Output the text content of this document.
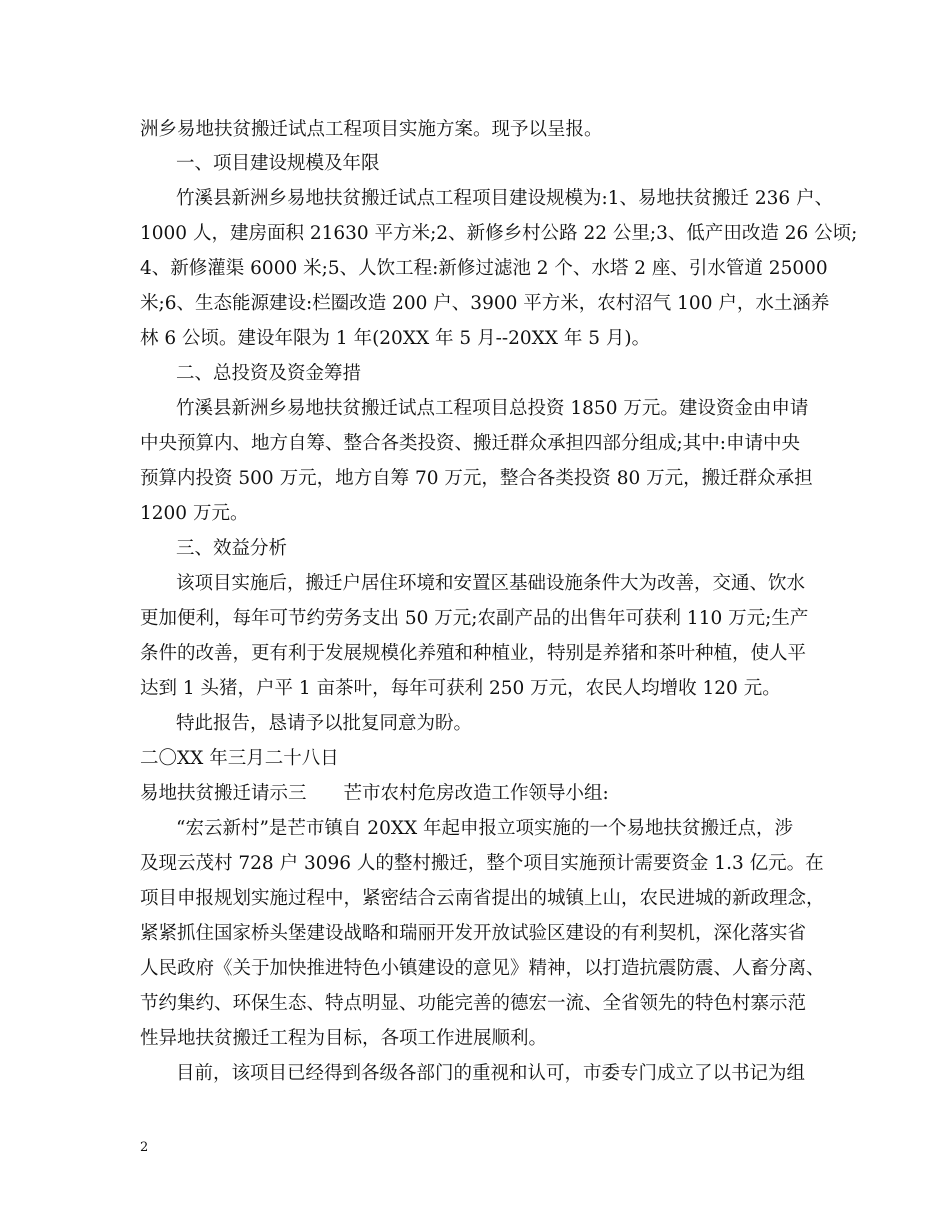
洲乡易地扶贫搬迁试点工程项目实施方案。现予以呈报。
一、项目建设规模及年限
竹溪县新洲乡易地扶贫搬迁试点工程项目建设规模为:1、易地扶贫搬迁 236 户、
1000 人，建房面积 21630 平方米;2、新修乡村公路 22 公里;3、低产田改造 26 公顷;
4、新修灌渠 6000 米;5、人饮工程:新修过滤池 2 个、水塔 2 座、引水管道 25000
米;6、生态能源建设:栏圈改造 200 户、3900 平方米，农村沼气 100 户，水土涵养
林 6 公顷。建设年限为 1 年(20XX 年 5 月--20XX 年 5 月)。
二、总投资及资金筹措
竹溪县新洲乡易地扶贫搬迁试点工程项目总投资 1850 万元。建设资金由申请
中央预算内、地方自筹、整合各类投资、搬迁群众承担四部分组成;其中:申请中央
预算内投资 500 万元，地方自筹 70 万元，整合各类投资 80 万元，搬迁群众承担
1200 万元。
三、效益分析
该项目实施后，搬迁户居住环境和安置区基础设施条件大为改善，交通、饮水
更加便利，每年可节约劳务支出 50 万元;农副产品的出售年可获利 110 万元;生产
条件的改善，更有利于发展规模化养殖和种植业，特别是养猪和茶叶种植，使人平
达到 1 头猪，户平 1 亩茶叶，每年可获利 250 万元，农民人均增收 120 元。
特此报告，恳请予以批复同意为盼。
二〇XX 年三月二十八日
易地扶贫搬迁请示三　　芒市农村危房改造工作领导小组:
“宏云新村”是芒市镇自 20XX 年起申报立项实施的一个易地扶贫搬迁点，涉
及现云茂村 728 户 3096 人的整村搬迁，整个项目实施预计需要资金 1.3 亿元。在
项目申报规划实施过程中，紧密结合云南省提出的城镇上山，农民进城的新政理念，
紧紧抓住国家桥头堡建设战略和瑞丽开发开放试验区建设的有利契机，深化落实省
人民政府《关于加快推进特色小镇建设的意见》精神，以打造抗震防震、人畜分离、
节约集约、环保生态、特点明显、功能完善的德宏一流、全省领先的特色村寨示范
性异地扶贫搬迁工程为目标，各项工作进展顺利。
目前，该项目已经得到各级各部门的重视和认可，市委专门成立了以书记为组
2
